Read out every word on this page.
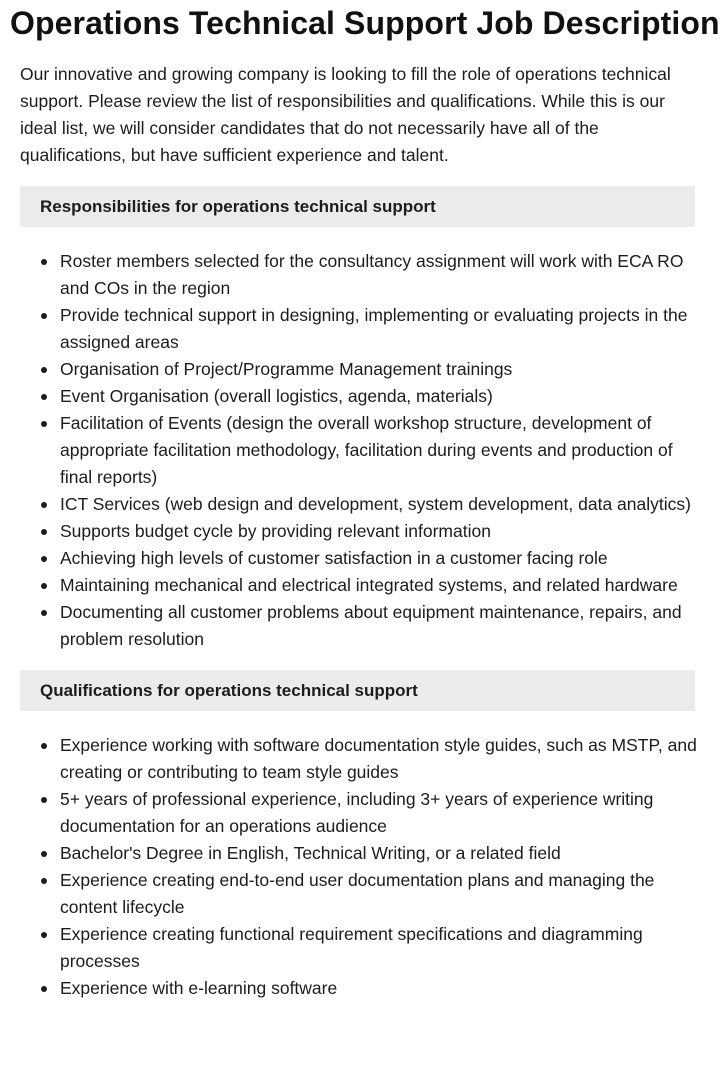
Operations Technical Support Job Description

Our innovative and growing company is looking to fill the role of operations technical support. Please review the list of responsibilities and qualifications. While this is our ideal list, we will consider candidates that do not necessarily have all of the qualifications, but have sufficient experience and talent.

Responsibilities for operations technical support
Roster members selected for the consultancy assignment will work with ECA RO and COs in the region
Provide technical support in designing, implementing or evaluating projects in the assigned areas
Organisation of Project/Programme Management trainings
Event Organisation (overall logistics, agenda, materials)
Facilitation of Events (design the overall workshop structure, development of appropriate facilitation methodology, facilitation during events and production of final reports)
ICT Services (web design and development, system development, data analytics)
Supports budget cycle by providing relevant information
Achieving high levels of customer satisfaction in a customer facing role
Maintaining mechanical and electrical integrated systems, and related hardware
Documenting all customer problems about equipment maintenance, repairs, and problem resolution
Qualifications for operations technical support
Experience working with software documentation style guides, such as MSTP, and creating or contributing to team style guides
5+ years of professional experience, including 3+ years of experience writing documentation for an operations audience
Bachelor's Degree in English, Technical Writing, or a related field
Experience creating end-to-end user documentation plans and managing the content lifecycle
Experience creating functional requirement specifications and diagramming processes
Experience with e-learning software
